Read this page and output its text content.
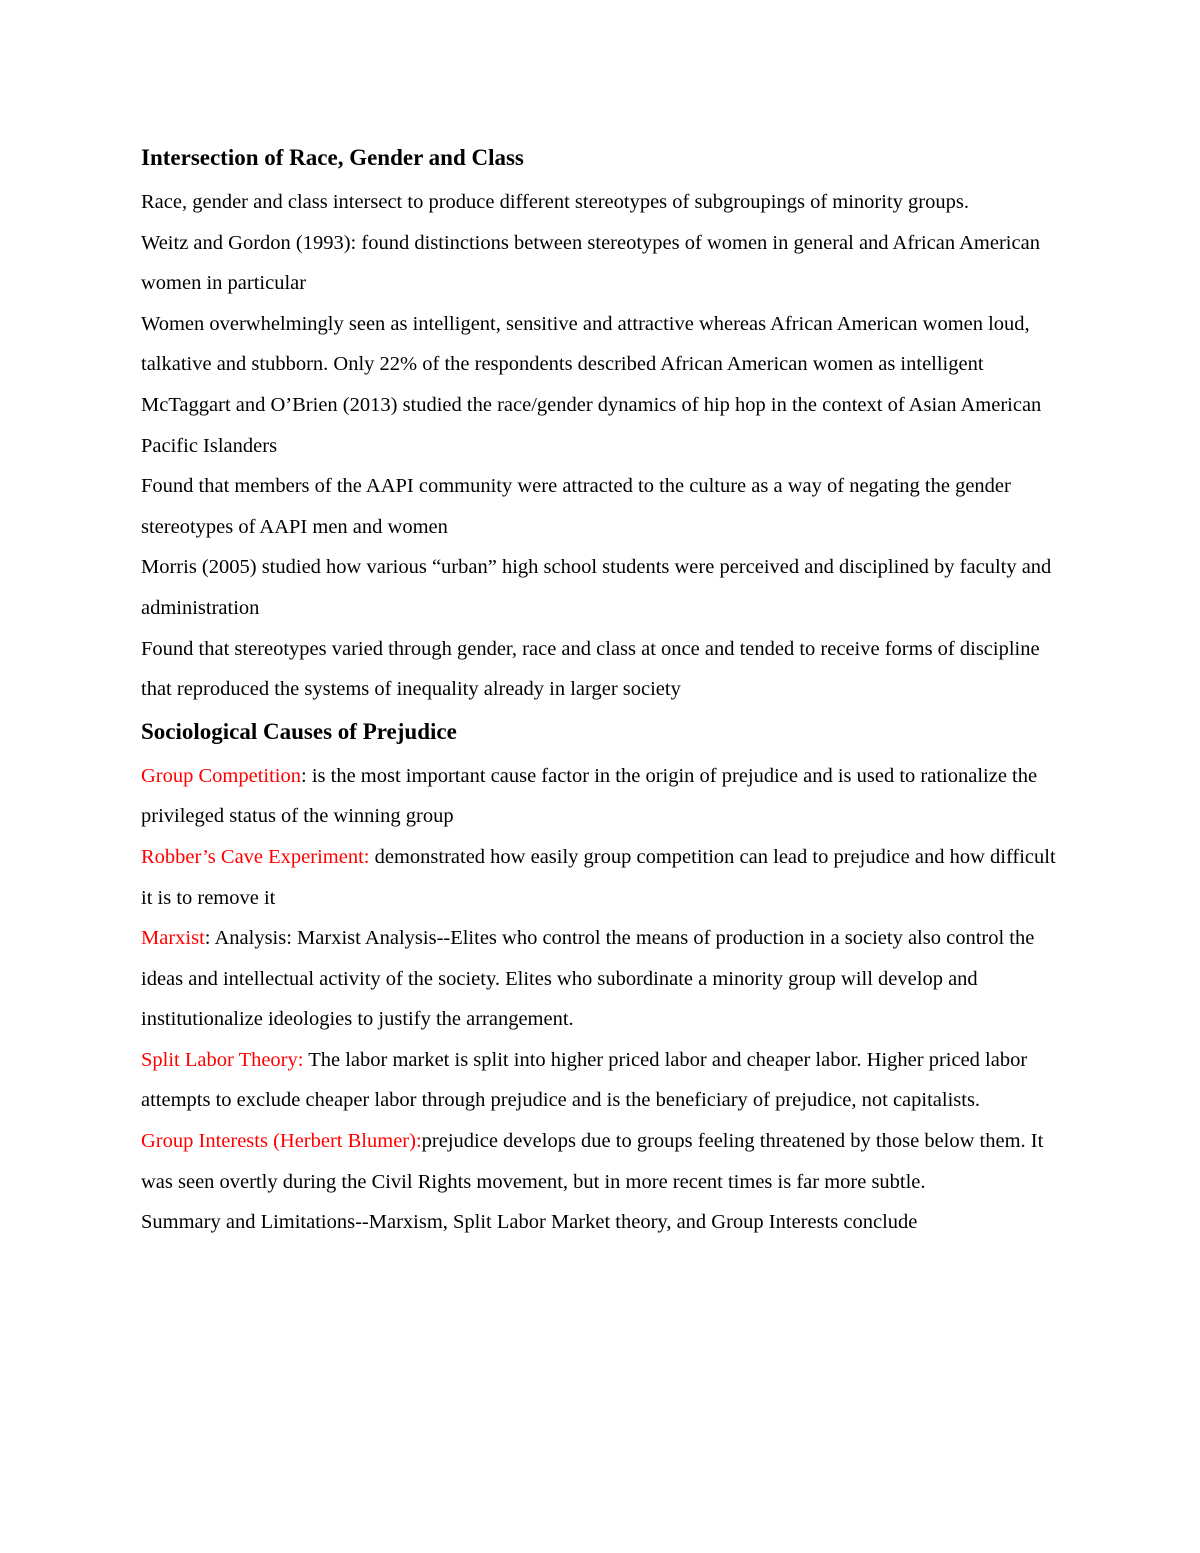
Intersection of Race, Gender and Class

Race, gender and class intersect to produce different stereotypes of subgroupings of minority groups.

Weitz and Gordon (1993): found distinctions between stereotypes of women in general and African American women in particular

Women overwhelmingly seen as intelligent, sensitive and attractive whereas African American women loud, talkative and stubborn. Only 22% of the respondents described African American women as intelligent

McTaggart and O’Brien (2013) studied the race/gender dynamics of hip hop in the context of Asian American Pacific Islanders

Found that members of the AAPI community were attracted to the culture as a way of negating the gender stereotypes of AAPI men and women

Morris (2005) studied how various “urban” high school students were perceived and disciplined by faculty and administration

Found that stereotypes varied through gender, race and class at once and tended to receive forms of discipline that reproduced the systems of inequality already in larger society

Sociological Causes of Prejudice

Group Competition: is the most important cause factor in the origin of prejudice and is used to rationalize the privileged status of the winning group

Robber’s Cave Experiment: demonstrated how easily group competition can lead to prejudice and how difficult it is to remove it

Marxist: Analysis: Marxist Analysis--Elites who control the means of production in a society also control the ideas and intellectual activity of the society. Elites who subordinate a minority group will develop and institutionalize ideologies to justify the arrangement.

Split Labor Theory: The labor market is split into higher priced labor and cheaper labor. Higher priced labor attempts to exclude cheaper labor through prejudice and is the beneficiary of prejudice, not capitalists.

Group Interests (Herbert Blumer):prejudice develops due to groups feeling threatened by those below them. It was seen overtly during the Civil Rights movement, but in more recent times is far more subtle.

Summary and Limitations--Marxism, Split Labor Market theory, and Group Interests conclude
